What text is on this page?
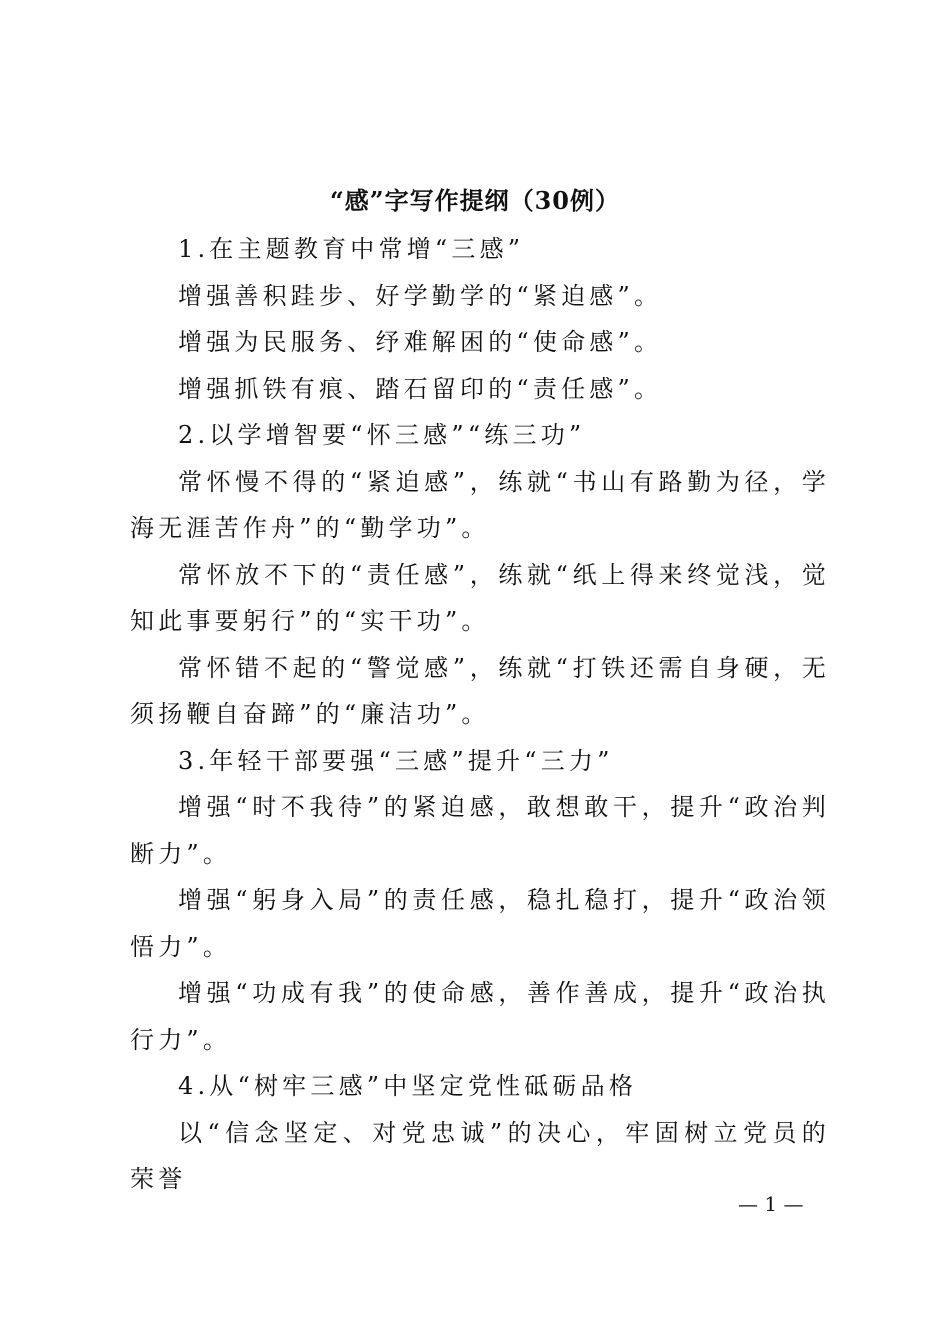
“感”字写作提纲（30例）

1.在主题教育中常增“三感”

增强善积跬步、好学勤学的“紧迫感”。

增强为民服务、纾难解困的“使命感”。

增强抓铁有痕、踏石留印的“责任感”。

2.以学增智要“怀三感”“练三功”

常怀慢不得的“紧迫感”，练就“书山有路勤为径，学海无涯苦作舟”的“勤学功”。

常怀放不下的“责任感”，练就“纸上得来终觉浅，觉知此事要躬行”的“实干功”。

常怀错不起的“警觉感”，练就“打铁还需自身硬，无须扬鞭自奋蹄”的“廉洁功”。

3.年轻干部要强“三感”提升“三力”

增强“时不我待”的紧迫感，敢想敢干，提升“政治判断力”。

增强“躬身入局”的责任感，稳扎稳打，提升“政治领悟力”。

增强“功成有我”的使命感，善作善成，提升“政治执行力”。

4.从“树牢三感”中坚定党性砥砺品格

以“信念坚定、对党忠诚”的决心，牢固树立党员的荣誉

— 1 —
